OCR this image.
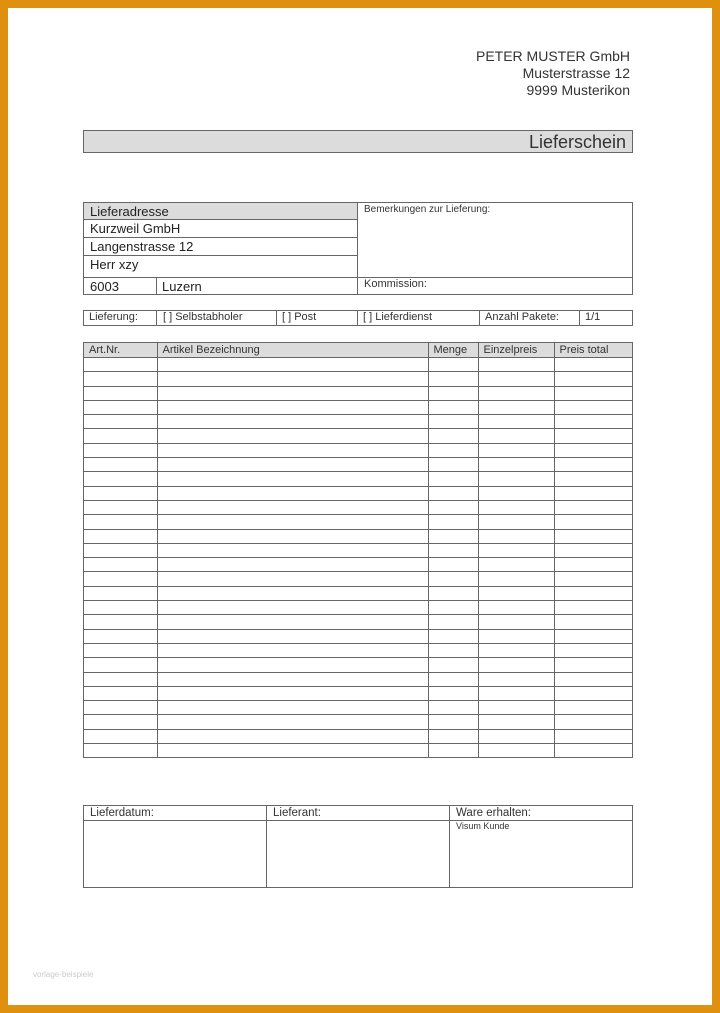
PETER MUSTER GmbH
Musterstrasse 12
9999 Musterikon
Lieferschein
Lieferadresse
Kurzweil GmbH
Langenstrasse 12
Herr xzy
6003	Luzern
Bemerkungen zur Lieferung:
Kommission:
Lieferung: [ ] Selbstabholer	[ ] Post	[ ] Lieferdienst	Anzahl Pakete: 1/1
Art.Nr.	Artikel Bezeichnung	Menge	Einzelpreis	Preis total

Lieferdatum:	Lieferant:	Ware erhalten:
Visum Kunde
vorlage-beispiele
